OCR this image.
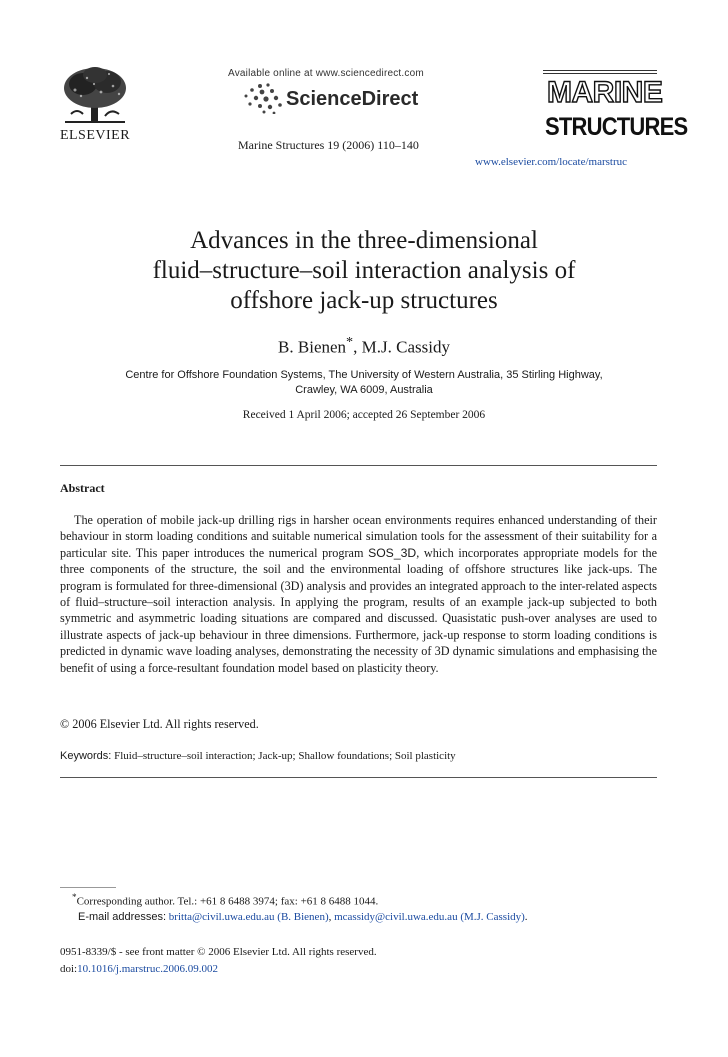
ELSEVIER
Available online at www.sciencedirect.com
ScienceDirect
Marine Structures 19 (2006) 110–140
MARINE
STRUCTURES
www.elsevier.com/locate/marstruc
Advances in the three-dimensional
fluid–structure–soil interaction analysis of
offshore jack-up structures
B. Bienen*, M.J. Cassidy
Centre for Offshore Foundation Systems, The University of Western Australia, 35 Stirling Highway,
Crawley, WA 6009, Australia
Received 1 April 2006; accepted 26 September 2006
Abstract
The operation of mobile jack-up drilling rigs in harsher ocean environments requires enhanced understanding of their behaviour in storm loading conditions and suitable numerical simulation tools for the assessment of their suitability for a particular site. This paper introduces the numerical program SOS_3D, which incorporates appropriate models for the three components of the structure, the soil and the environmental loading of offshore structures like jack-ups. The program is formulated for three-dimensional (3D) analysis and provides an integrated approach to the inter-related aspects of fluid–structure–soil interaction analysis. In applying the program, results of an example jack-up subjected to both symmetric and asymmetric loading situations are compared and discussed. Quasistatic push-over analyses are used to illustrate aspects of jack-up behaviour in three dimensions. Furthermore, jack-up response to storm loading conditions is predicted in dynamic wave loading analyses, demonstrating the necessity of 3D dynamic simulations and emphasising the benefit of using a force-resultant foundation model based on plasticity theory.
© 2006 Elsevier Ltd. All rights reserved.
Keywords: Fluid–structure–soil interaction; Jack-up; Shallow foundations; Soil plasticity
*Corresponding author. Tel.: +61 8 6488 3974; fax: +61 8 6488 1044.
E-mail addresses: britta@civil.uwa.edu.au (B. Bienen), mcassidy@civil.uwa.edu.au (M.J. Cassidy).
0951-8339/$ - see front matter © 2006 Elsevier Ltd. All rights reserved.
doi:10.1016/j.marstruc.2006.09.002
